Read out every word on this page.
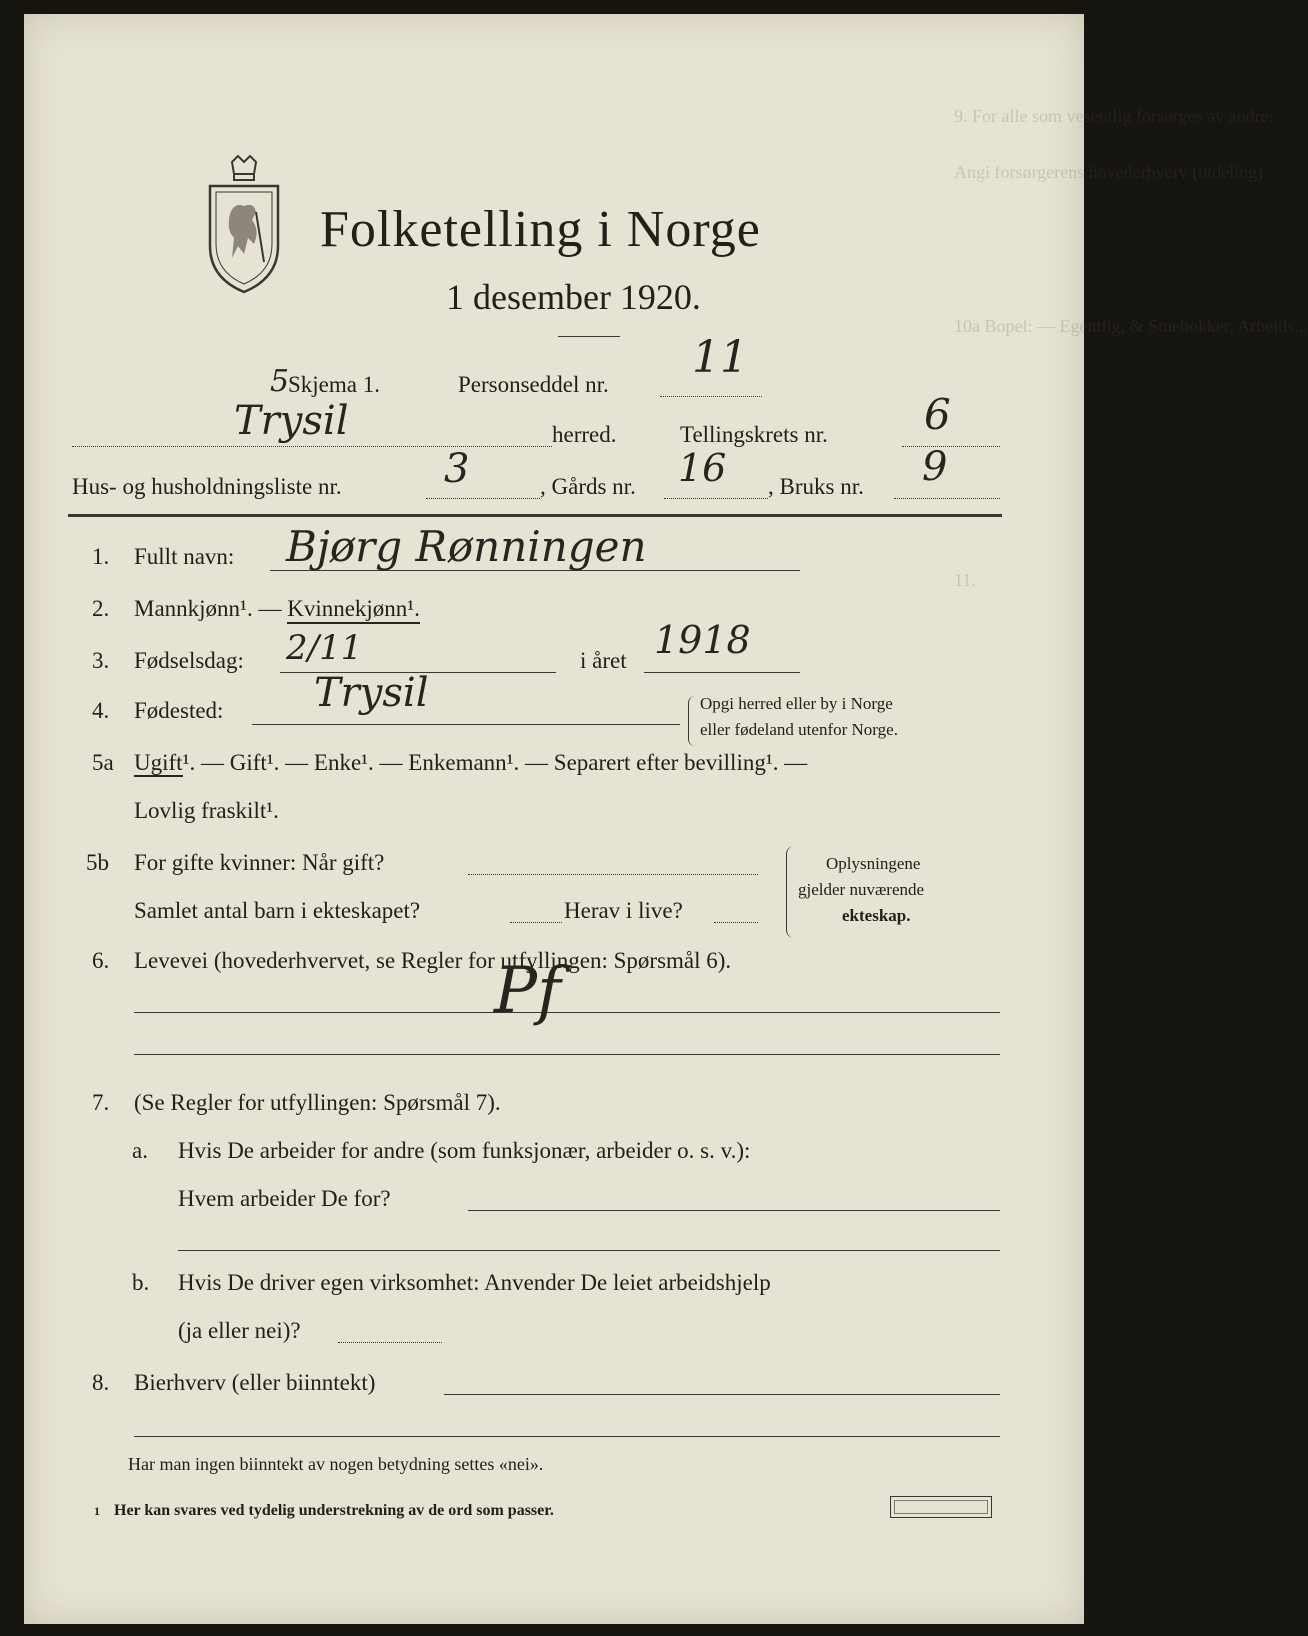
9. For alle som vesentlig forsørges av andre:
Angi forsørgerens hovederhverv (utdeling)
10a Bopel: — Egentlig, & Stuebokker, Arbeids...
11.
Folketelling i Norge
1 desember 1920.
5
Skjema 1.	Personseddel nr.
11
Trysil	herred.	Tellingskrets nr. 6
Hus- og husholdningsliste nr.	3	, Gårds nr. 16 , Bruks nr. 9
1. Fullt navn: Bjørg Rønningen
2. Mannkjønn¹. — Kvinnekjønn¹.
3. Fødselsdag: 2/11	i året 1918
4. Fødested: Trysil	Opgi herred eller by i Norge
eller fødeland utenfor Norge.
5a Ugift¹. — Gift¹. — Enke¹. — Enkemann¹. — Separert efter bevilling¹. —
Lovlig fraskilt¹.
5b For gifte kvinner: Når gift?
Samlet antal barn i ekteskapet?	Herav i live?
Oplysningene
gjelder nuværende
ekteskap.
6. Levevei (hovederhvervet, se Regler for utfyllingen: Spørsmål 6).
Pf
7. (Se Regler for utfyllingen: Spørsmål 7).
a. Hvis De arbeider for andre (som funksjonær, arbeider o. s. v.):
Hvem arbeider De for?
b. Hvis De driver egen virksomhet: Anvender De leiet arbeidshjelp
(ja eller nei)?
8. Bierhverv (eller biinntekt)
Har man ingen biinntekt av nogen betydning settes «nei».
1 Her kan svares ved tydelig understrekning av de ord som passer.
